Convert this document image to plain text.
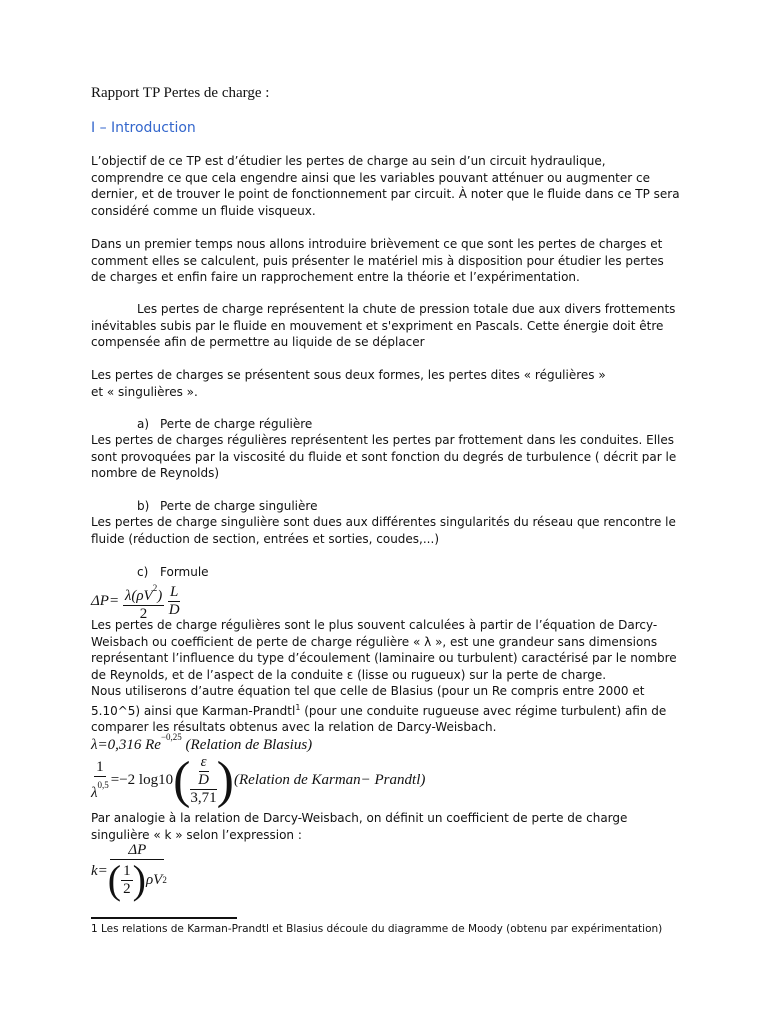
Rapport TP Pertes de charge :
I – Introduction

L’objectif de ce TP est d’étudier les pertes de charge au sein d’un circuit hydraulique, comprendre ce que cela engendre ainsi que les variables pouvant atténuer ou augmenter ce dernier, et de trouver le point de fonctionnement par circuit. À noter que le fluide dans ce TP sera considéré comme un fluide visqueux.

Dans un premier temps nous allons introduire brièvement ce que sont les pertes de charges et comment elles se calculent, puis présenter le matériel mis à disposition pour étudier les pertes de charges et enfin faire un rapprochement entre la théorie et l’expérimentation.

Les pertes de charge représentent la chute de pression totale due aux divers frottements inévitables subis par le fluide en mouvement et s'expriment en Pascals. Cette énergie doit être compensée afin de permettre au liquide de se déplacer

Les pertes de charges se présentent sous deux formes, les pertes dites « régulières » et « singulières ».

a) Perte de charge régulière

Les pertes de charges régulières représentent les pertes par frottement dans les conduites. Elles sont provoquées par la viscosité du fluide et sont fonction du degrés de turbulence ( décrit par le nombre de Reynolds)

b) Perte de charge singulière

Les pertes de charge singulière sont dues aux différentes singularités du réseau que rencontre le fluide (réduction de section, entrées et sorties, coudes,...)

c) Formule
$\Delta P= \frac{\lambda(\rho V^2)}{2}$
$\frac{L}{D}$

Les pertes de charge régulières sont le plus souvent calculées à partir de l’équation de Darcy-Weisbach ou coefficient de perte de charge régulière « λ », est une grandeur sans dimensions représentant l’influence du type d’écoulement (laminaire ou turbulent) caractérisé par le nombre de Reynolds, et de l’aspect de la conduite ε (lisse ou rugueux) sur la perte de charge.

Nous utiliserons d’autre équation tel que celle de Blasius (pour un Re compris entre 2000 et 5.10^5) ainsi que Karman-Prandtl$^1$ (pour une conduite rugueuse avec régime turbulent) afin de comparer les résultats obtenus avec la relation de Darcy-Weisbach.

λ=0,316 $Re^{-0,25}$ (Relation de Blasius)
$\frac{1}{\lambda^{0,5}} =-2$ log10 ( $\frac{\frac{\varepsilon}{D}}{3,71}$ ) (Relation de Karman− Prandtl)

Par analogie à la relation de Darcy-Weisbach, on définit un coefficient de perte de charge singulière « k » selon l’expression :

$k= \frac{\Delta P}{( \frac{1}{2} ) \rho V 2}$
1 Les relations de Karman-Prandtl et Blasius découle du diagramme de Moody (obtenu par expérimentation)
